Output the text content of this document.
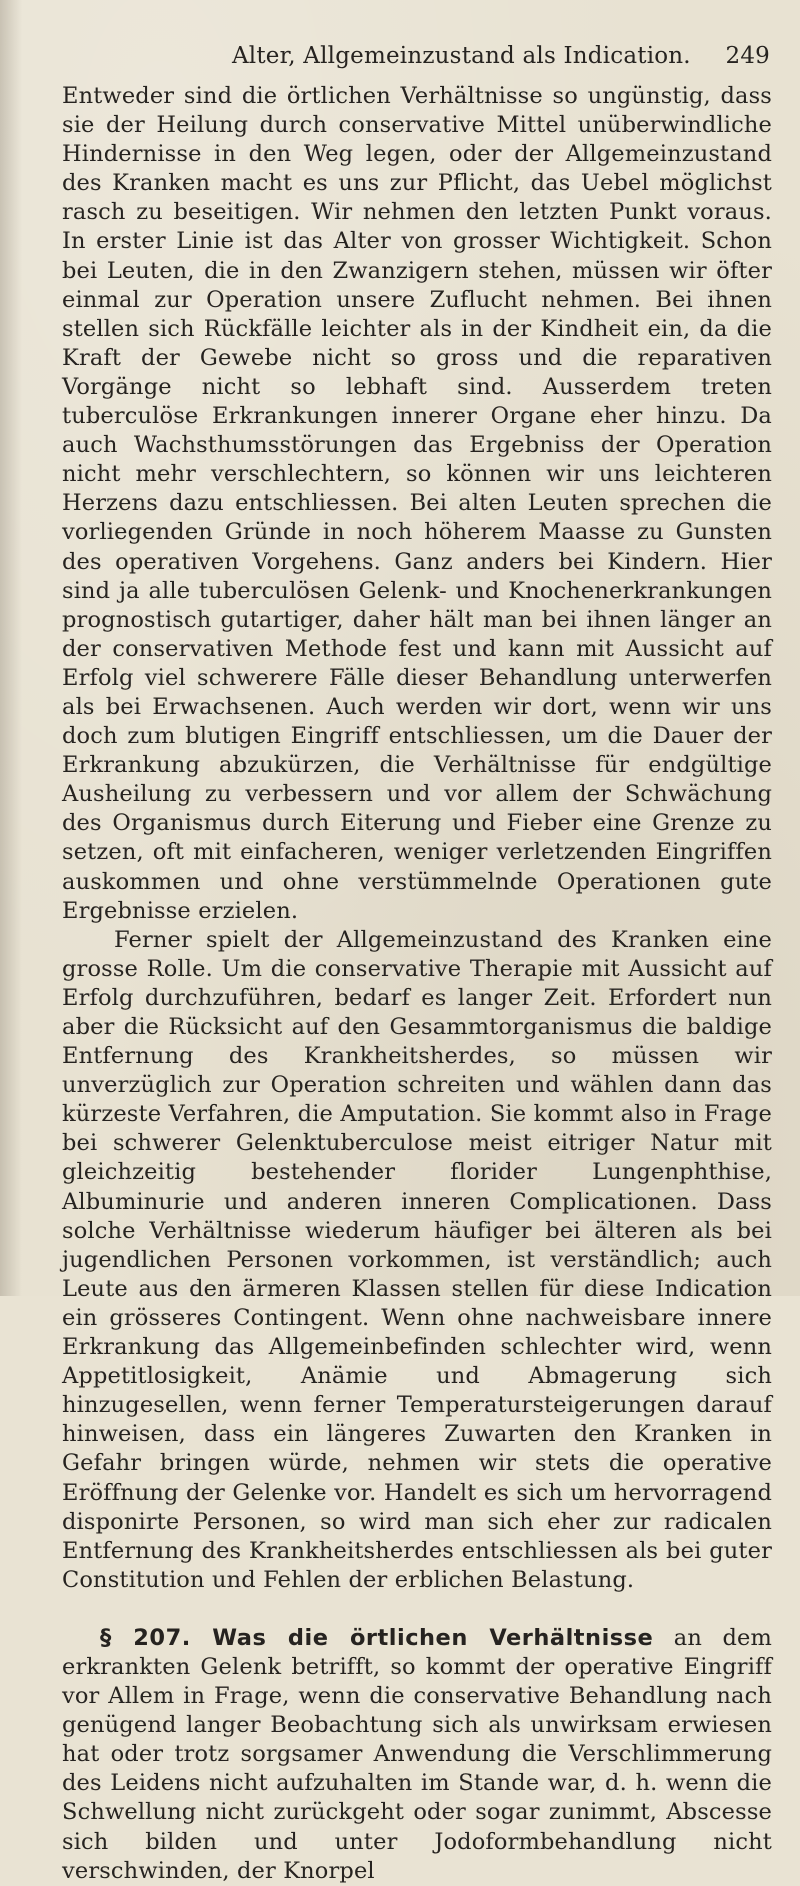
Alter, Allgemeinzustand als Indication. 249

Entweder sind die örtlichen Verhältnisse so ungünstig, dass sie der Heilung durch conservative Mittel unüberwindliche Hindernisse in den Weg legen, oder der Allgemeinzustand des Kranken macht es uns zur Pflicht, das Uebel möglichst rasch zu beseitigen. Wir nehmen den letzten Punkt voraus. In erster Linie ist das Alter von grosser Wichtigkeit. Schon bei Leuten, die in den Zwanzigern stehen, müssen wir öfter einmal zur Operation unsere Zuflucht nehmen. Bei ihnen stellen sich Rückfälle leichter als in der Kindheit ein, da die Kraft der Gewebe nicht so gross und die reparativen Vorgänge nicht so lebhaft sind. Ausserdem treten tuberculöse Erkrankungen innerer Organe eher hinzu. Da auch Wachsthumsstörungen das Ergebniss der Operation nicht mehr verschlechtern, so können wir uns leichteren Herzens dazu entschliessen. Bei alten Leuten sprechen die vorliegenden Gründe in noch höherem Maasse zu Gunsten des operativen Vorgehens. Ganz anders bei Kindern. Hier sind ja alle tuberculösen Gelenk- und Knochenerkrankungen prognostisch gutartiger, daher hält man bei ihnen länger an der conservativen Methode fest und kann mit Aussicht auf Erfolg viel schwerere Fälle dieser Behandlung unterwerfen als bei Erwachsenen. Auch werden wir dort, wenn wir uns doch zum blutigen Eingriff entschliessen, um die Dauer der Erkrankung abzukürzen, die Verhältnisse für endgültige Ausheilung zu verbessern und vor allem der Schwächung des Organismus durch Eiterung und Fieber eine Grenze zu setzen, oft mit einfacheren, weniger verletzenden Eingriffen auskommen und ohne verstümmelnde Operationen gute Ergebnisse erzielen.

Ferner spielt der Allgemeinzustand des Kranken eine grosse Rolle. Um die conservative Therapie mit Aussicht auf Erfolg durchzuführen, bedarf es langer Zeit. Erfordert nun aber die Rücksicht auf den Gesammtorganismus die baldige Entfernung des Krankheitsherdes, so müssen wir unverzüglich zur Operation schreiten und wählen dann das kürzeste Verfahren, die Amputation. Sie kommt also in Frage bei schwerer Gelenktuberculose meist eitriger Natur mit gleichzeitig bestehender florider Lungenphthise, Albuminurie und anderen inneren Complicationen. Dass solche Verhältnisse wiederum häufiger bei älteren als bei jugendlichen Personen vorkommen, ist verständlich; auch Leute aus den ärmeren Klassen stellen für diese Indication ein grösseres Contingent. Wenn ohne nachweisbare innere Erkrankung das Allgemeinbefinden schlechter wird, wenn Appetitlosigkeit, Anämie und Abmagerung sich hinzugesellen, wenn ferner Temperatursteigerungen darauf hinweisen, dass ein längeres Zuwarten den Kranken in Gefahr bringen würde, nehmen wir stets die operative Eröffnung der Gelenke vor. Handelt es sich um hervorragend disponirte Personen, so wird man sich eher zur radicalen Entfernung des Krankheitsherdes entschliessen als bei guter Constitution und Fehlen der erblichen Belastung.

§ 207. Was die örtlichen Verhältnisse an dem erkrankten Gelenk betrifft, so kommt der operative Eingriff vor Allem in Frage, wenn die conservative Behandlung nach genügend langer Beobachtung sich als unwirksam erwiesen hat oder trotz sorgsamer Anwendung die Verschlimmerung des Leidens nicht aufzuhalten im Stande war, d. h. wenn die Schwellung nicht zurückgeht oder sogar zunimmt, Abscesse sich bilden und unter Jodoformbehandlung nicht verschwinden, der Knorpel
